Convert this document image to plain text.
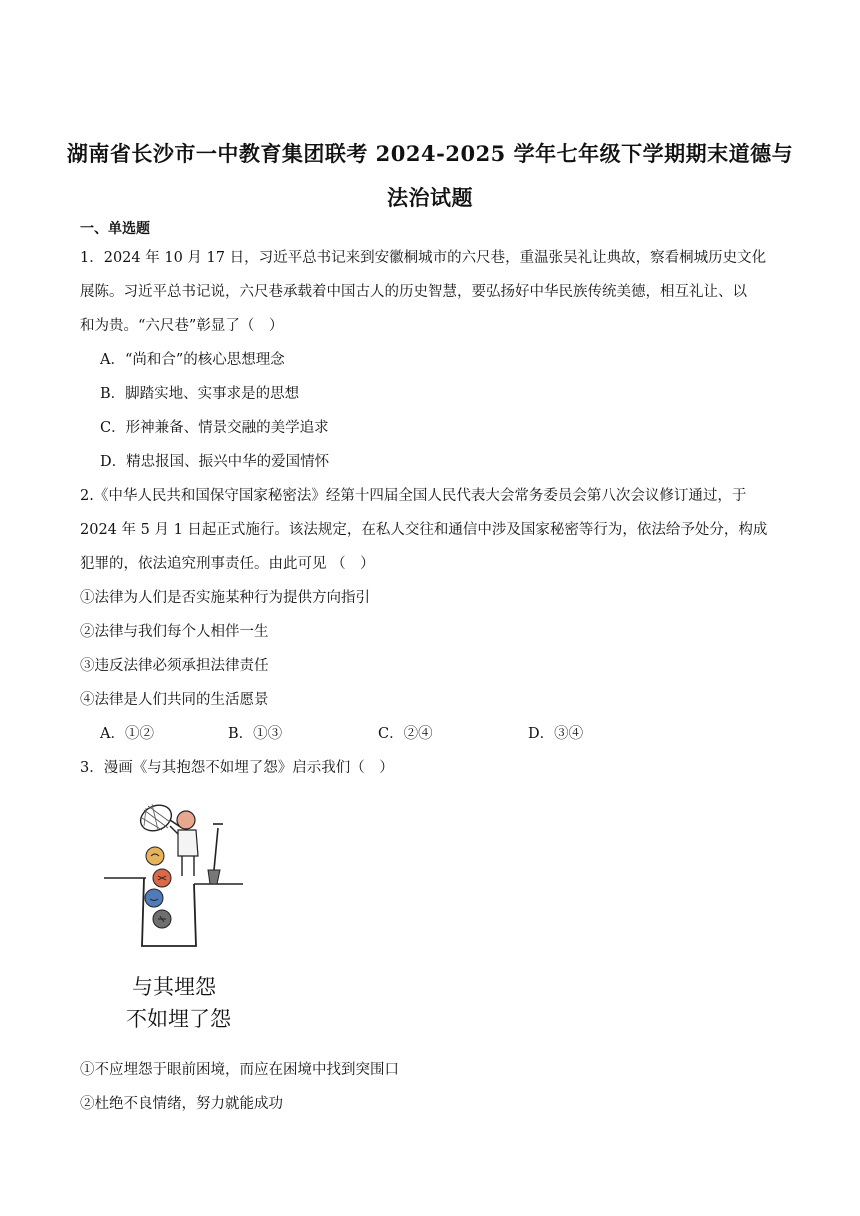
湖南省长沙市一中教育集团联考 2024-2025 学年七年级下学期期末道德与
法治试题
一、单选题
1．2024 年 10 月 17 日，习近平总书记来到安徽桐城市的六尺巷，重温张吴礼让典故，察看桐城历史文化
展陈。习近平总书记说，六尺巷承载着中国古人的历史智慧，要弘扬好中华民族传统美德，相互礼让、以
和为贵。“六尺巷”彰显了（　）
A．“尚和合”的核心思想理念
B．脚踏实地、实事求是的思想
C．形神兼备、情景交融的美学追求
D．精忠报国、振兴中华的爱国情怀
2.《中华人民共和国保守国家秘密法》经第十四届全国人民代表大会常务委员会第八次会议修订通过，于
2024 年 5 月 1 日起正式施行。该法规定，在私人交往和通信中涉及国家秘密等行为，依法给予处分，构成
犯罪的，依法追究刑事责任。由此可见 （　）
①法律为人们是否实施某种行为提供方向指引
②法律与我们每个人相伴一生
③违反法律必须承担法律责任
④法律是人们共同的生活愿景
A．①②	B．①③	C．②④	D．③④
3．漫画《与其抱怨不如埋了怨》启示我们（　）
与其埋怨
不如埋了怨
①不应埋怨于眼前困境，而应在困境中找到突围口
②杜绝不良情绪，努力就能成功
